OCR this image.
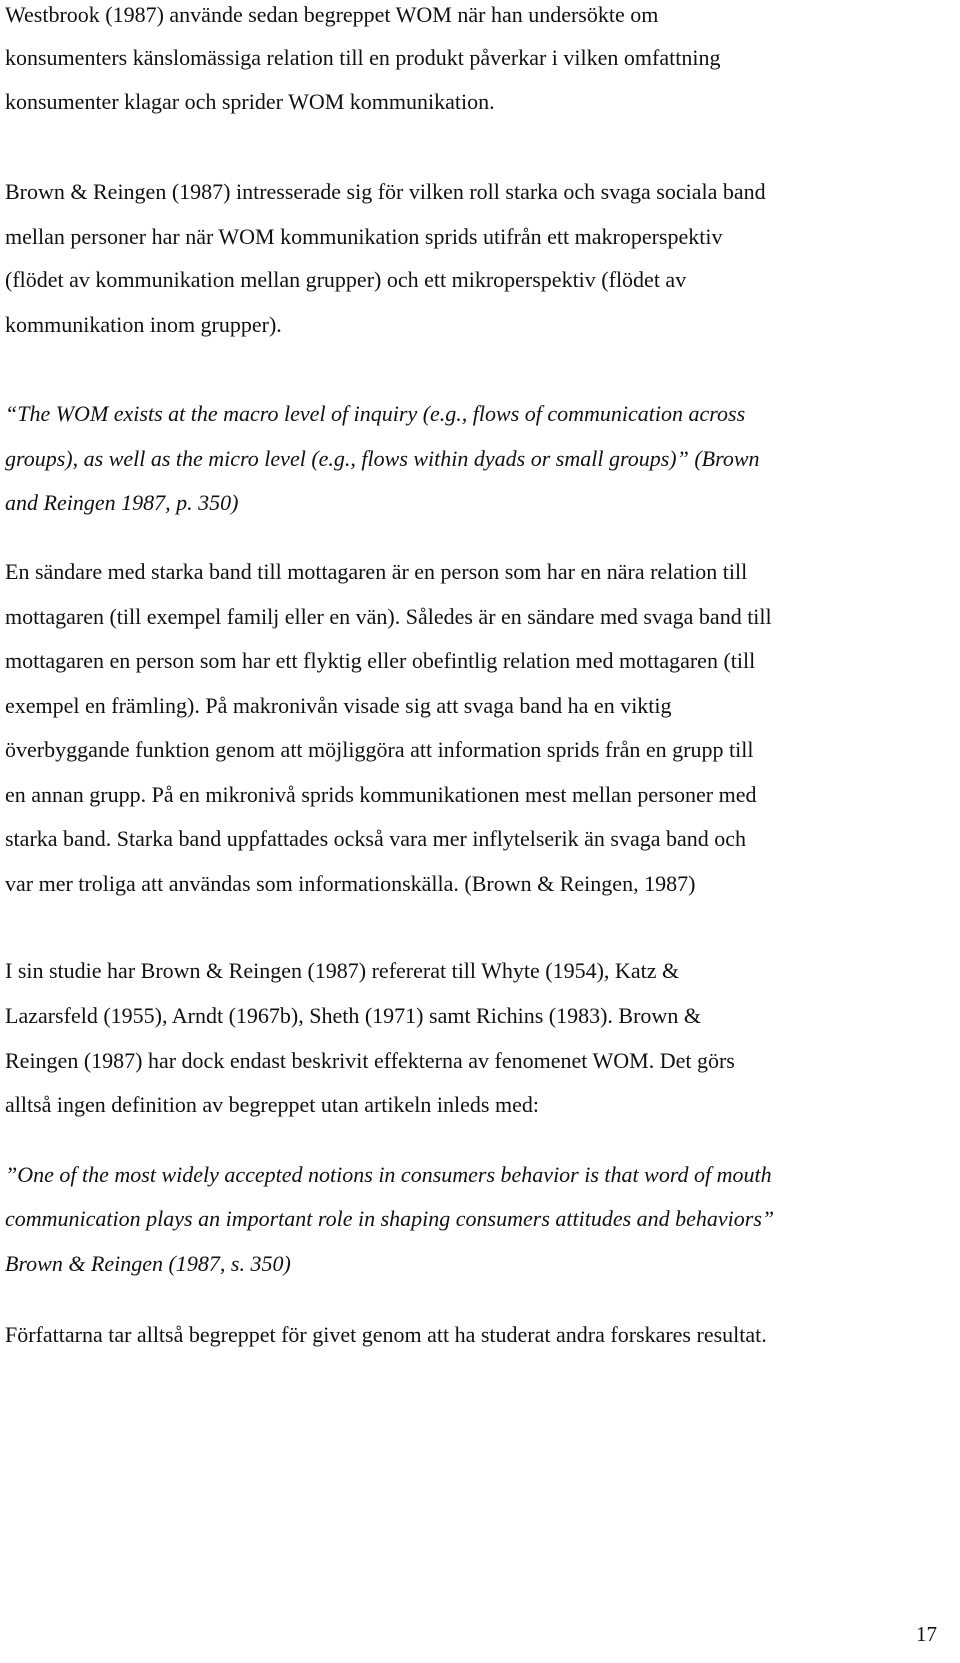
Westbrook (1987) använde sedan begreppet WOM när han undersökte om
konsumenters känslomässiga relation till en produkt påverkar i vilken omfattning
konsumenter klagar och sprider WOM kommunikation.
Brown & Reingen (1987) intresserade sig för vilken roll starka och svaga sociala band
mellan personer har när WOM kommunikation sprids utifrån ett makroperspektiv
(flödet av kommunikation mellan grupper) och ett mikroperspektiv (flödet av
kommunikation inom grupper).
“The WOM exists at the macro level of inquiry (e.g., flows of communication across
groups), as well as the micro level (e.g., flows within dyads or small groups)” (Brown
and Reingen 1987, p. 350)
En sändare med starka band till mottagaren är en person som har en nära relation till
mottagaren (till exempel familj eller en vän). Således är en sändare med svaga band till
mottagaren en person som har ett flyktig eller obefintlig relation med mottagaren (till
exempel en främling). På makronivån visade sig att svaga band ha en viktig
överbyggande funktion genom att möjliggöra att information sprids från en grupp till
en annan grupp. På en mikronivå sprids kommunikationen mest mellan personer med
starka band. Starka band uppfattades också vara mer inflytelserik än svaga band och
var mer troliga att användas som informationskälla. (Brown & Reingen, 1987)
I sin studie har Brown & Reingen (1987) refererat till Whyte (1954), Katz &
Lazarsfeld (1955), Arndt (1967b), Sheth (1971) samt Richins (1983). Brown &
Reingen (1987) har dock endast beskrivit effekterna av fenomenet WOM. Det görs
alltså ingen definition av begreppet utan artikeln inleds med:
”One of the most widely accepted notions in consumers behavior is that word of mouth
communication plays an important role in shaping consumers attitudes and behaviors”
Brown & Reingen (1987, s. 350)
Författarna tar alltså begreppet för givet genom att ha studerat andra forskares resultat.
17
